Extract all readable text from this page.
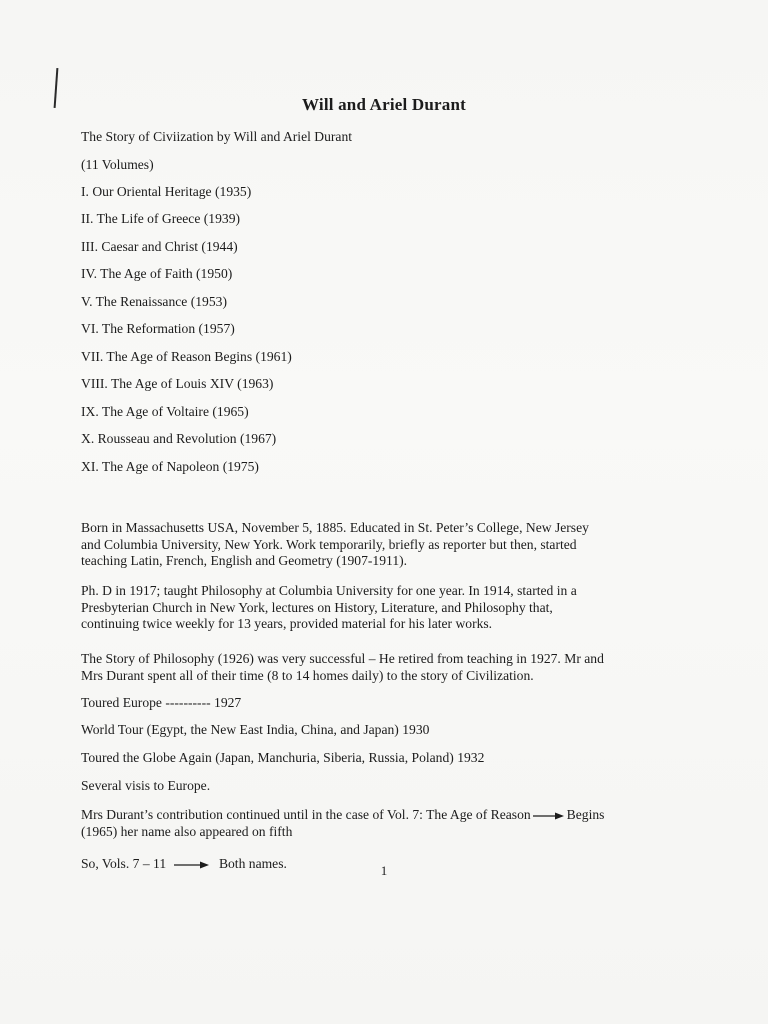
Will and Ariel Durant
The Story of Civiization by Will and Ariel Durant
(11 Volumes)
I. Our Oriental Heritage (1935)
II. The Life of Greece (1939)
III. Caesar and Christ (1944)
IV. The Age of Faith (1950)
V. The Renaissance (1953)
VI. The Reformation (1957)
VII. The Age of Reason Begins (1961)
VIII. The Age of Louis XIV (1963)
IX. The Age of Voltaire (1965)
X. Rousseau and Revolution (1967)
XI. The Age of Napoleon (1975)
Born in Massachusetts USA, November 5, 1885. Educated in St. Peter’s College, New Jersey
and Columbia University, New York. Work temporarily, briefly as reporter but then, started
teaching Latin, French, English and Geometry (1907-1911).
Ph. D in 1917; taught Philosophy at Columbia University for one year. In 1914, started in a
Presbyterian Church in New York, lectures on History, Literature, and Philosophy that,
continuing twice weekly for 13 years, provided material for his later works.
The Story of Philosophy (1926) was very successful – He retired from teaching in 1927. Mr and
Mrs Durant spent all of their time (8 to 14 homes daily) to the story of Civilization.
Toured Europe ---------- 1927
World Tour (Egypt, the New East India, China, and Japan) 1930
Toured the Globe Again (Japan, Manchuria, Siberia, Russia, Poland) 1932
Several visis to Europe.
Mrs Durant’s contribution continued until in the case of Vol. 7: The Age of Reason	Begins
(1965) her name also appeared on fifth
So, Vols. 7 – 11	Both names.	1
